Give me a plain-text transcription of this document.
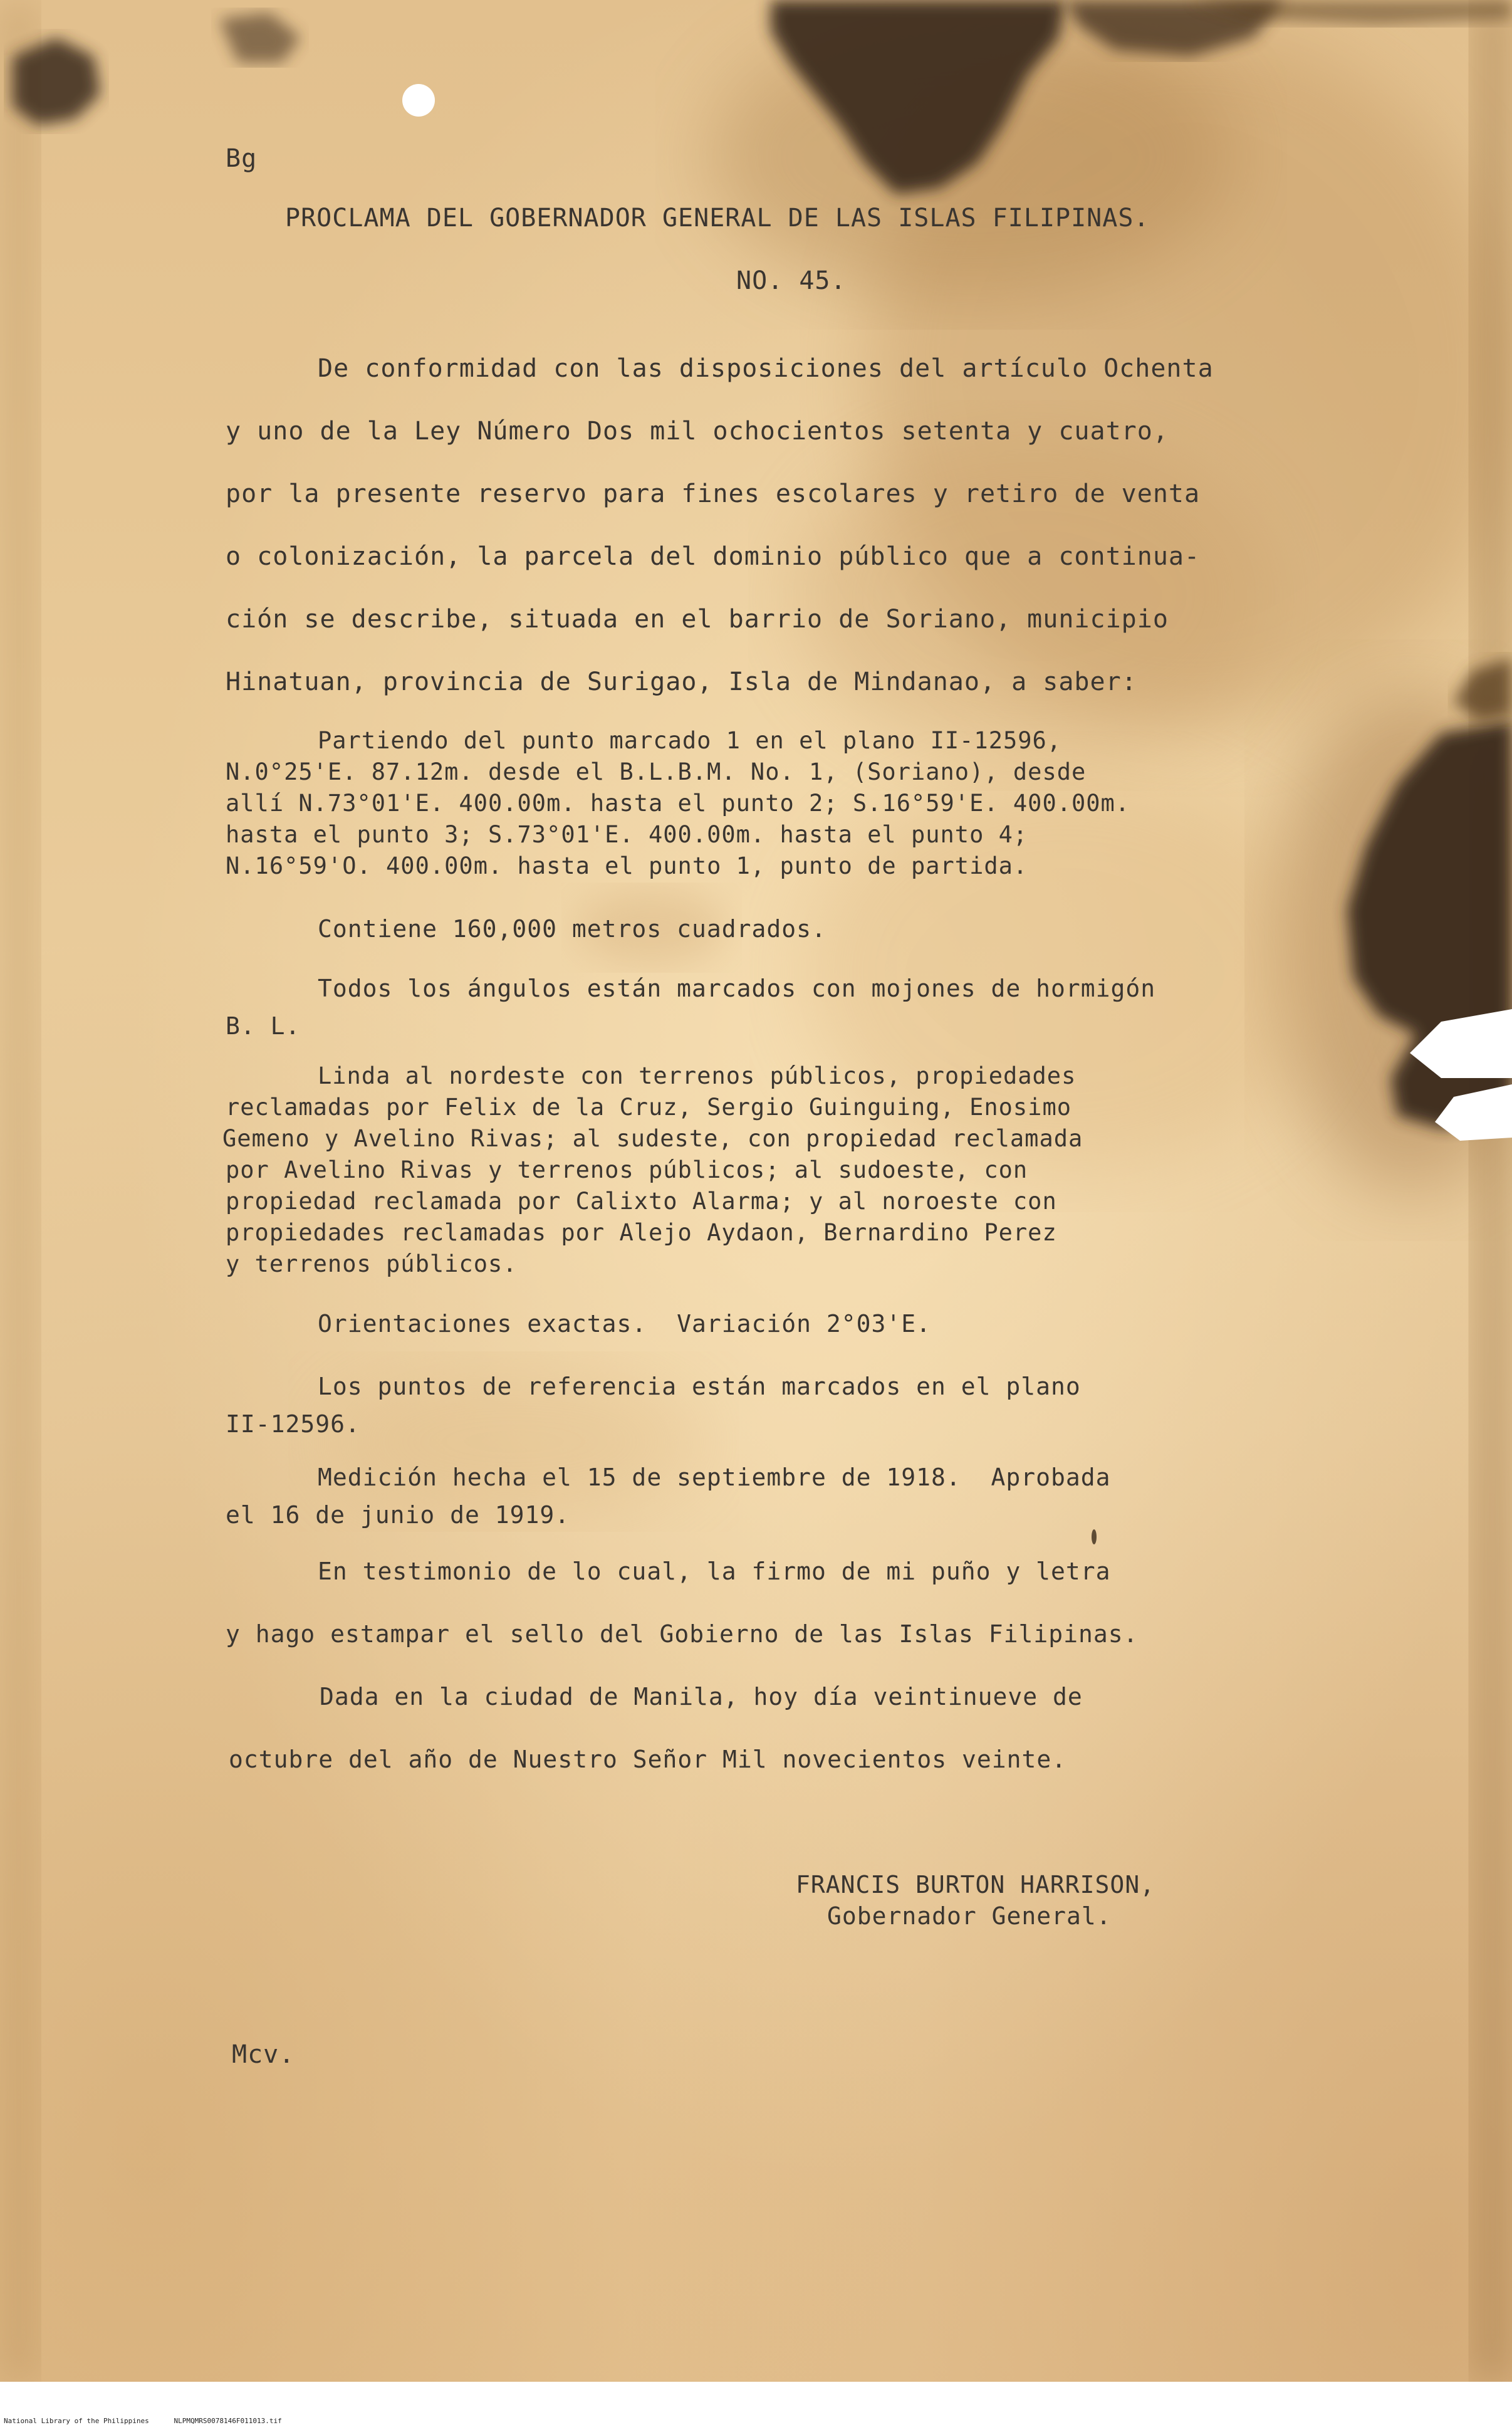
Bg

PROCLAMA DEL GOBERNADOR GENERAL DE LAS ISLAS FILIPINAS.

NO. 45.

De conformidad con las disposiciones del artículo Ochenta

y uno de la Ley Número Dos mil ochocientos setenta y cuatro,

por la presente reservo para fines escolares y retiro de venta

o colonización, la parcela del dominio público que a continua-

ción se describe, situada en el barrio de Soriano, municipio

Hinatuan, provincia de Surigao, Isla de Mindanao, a saber:

Partiendo del punto marcado 1 en el plano II-12596,

N.0°25'E. 87.12m. desde el B.L.B.M. No. 1, (Soriano), desde

allí N.73°01'E. 400.00m. hasta el punto 2; S.16°59'E. 400.00m.

hasta el punto 3; S.73°01'E. 400.00m. hasta el punto 4;

N.16°59'O. 400.00m. hasta el punto 1, punto de partida.

Contiene 160,000 metros cuadrados.

Todos los ángulos están marcados con mojones de hormigón

B. L.

Linda al nordeste con terrenos públicos, propiedades

reclamadas por Felix de la Cruz, Sergio Guinguing, Enosimo

Gemeno y Avelino Rivas; al sudeste, con propiedad reclamada

por Avelino Rivas y terrenos públicos; al sudoeste, con

propiedad reclamada por Calixto Alarma; y al noroeste con

propiedades reclamadas por Alejo Aydaon, Bernardino Perez

y terrenos públicos.

Orientaciones exactas.  Variación 2°03'E.

Los puntos de referencia están marcados en el plano

II-12596.

Medición hecha el 15 de septiembre de 1918.  Aprobada

el 16 de junio de 1919.

En testimonio de lo cual, la firmo de mi puño y letra

y hago estampar el sello del Gobierno de las Islas Filipinas.

Dada en la ciudad de Manila, hoy día veintinueve de

octubre del año de Nuestro Señor Mil novecientos veinte.

FRANCIS BURTON HARRISON,

Gobernador General.

Mcv.

National Library of the Philippines      NLPMQMRS0078146F011013.tif
